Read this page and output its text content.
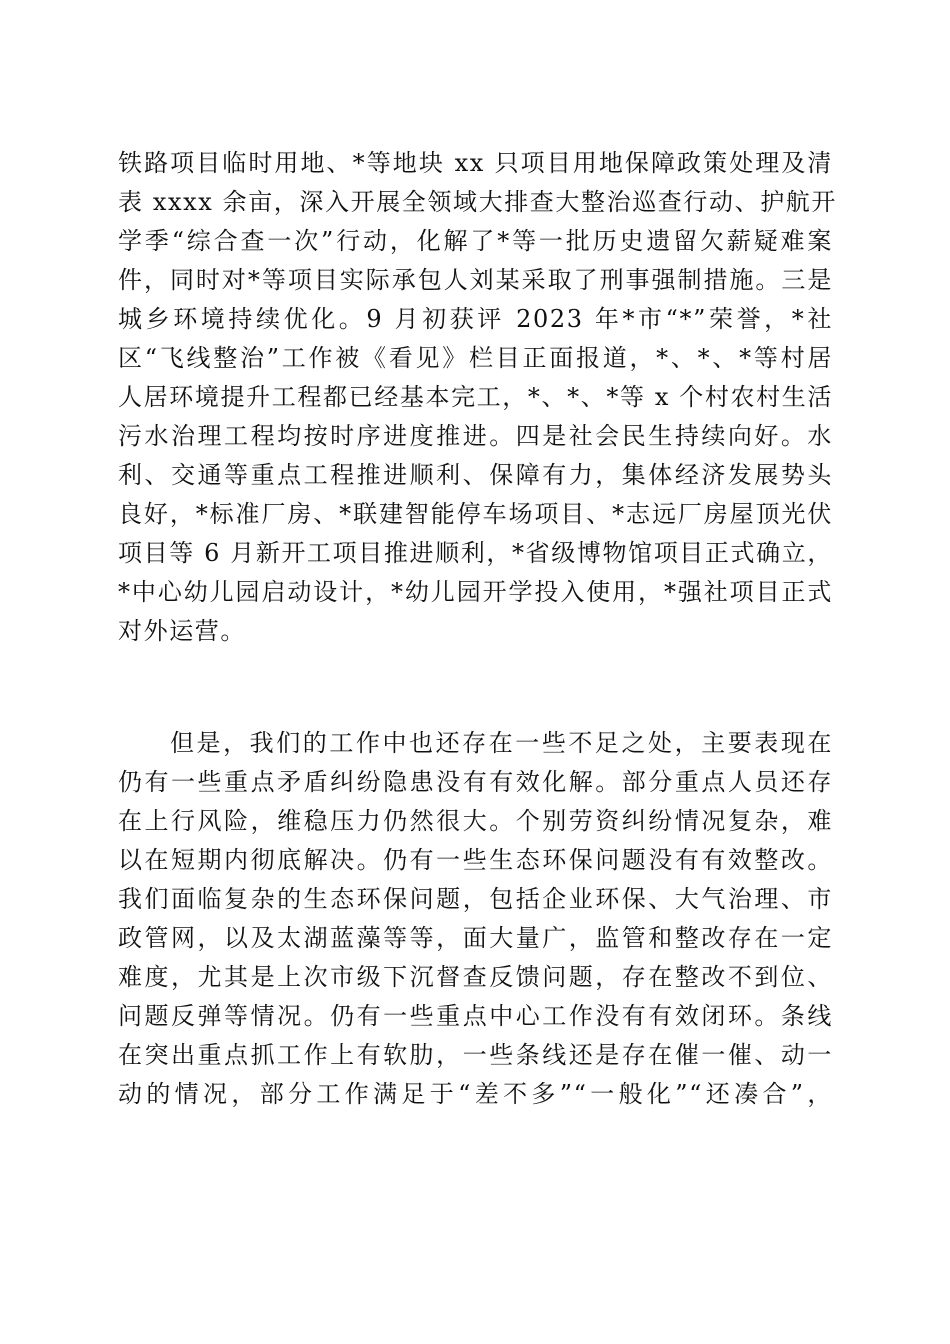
铁路项目临时用地、*等地块 xx 只项目用地保障政策处理及清
表 xxxx 余亩，深入开展全领域大排查大整治巡查行动、护航开
学季“综合查一次”行动，化解了*等一批历史遗留欠薪疑难案
件，同时对*等项目实际承包人刘某采取了刑事强制措施。三是
城乡环境持续优化。9 月初获评 2023 年*市“*”荣誉，*社
区“飞线整治”工作被《看见》栏目正面报道，*、*、*等村居
人居环境提升工程都已经基本完工，*、*、*等 x 个村农村生活
污水治理工程均按时序进度推进。四是社会民生持续向好。水
利、交通等重点工程推进顺利、保障有力，集体经济发展势头
良好，*标准厂房、*联建智能停车场项目、*志远厂房屋顶光伏
项目等 6 月新开工项目推进顺利，*省级博物馆项目正式确立，
*中心幼儿园启动设计，*幼儿园开学投入使用，*强社项目正式
对外运营。
但是，我们的工作中也还存在一些不足之处，主要表现在
仍有一些重点矛盾纠纷隐患没有有效化解。部分重点人员还存
在上行风险，维稳压力仍然很大。个别劳资纠纷情况复杂，难
以在短期内彻底解决。仍有一些生态环保问题没有有效整改。
我们面临复杂的生态环保问题，包括企业环保、大气治理、市
政管网，以及太湖蓝藻等等，面大量广，监管和整改存在一定
难度，尤其是上次市级下沉督查反馈问题，存在整改不到位、
问题反弹等情况。仍有一些重点中心工作没有有效闭环。条线
在突出重点抓工作上有软肋，一些条线还是存在催一催、动一
动的情况，部分工作满足于“差不多”“一般化”“还凑合”，
